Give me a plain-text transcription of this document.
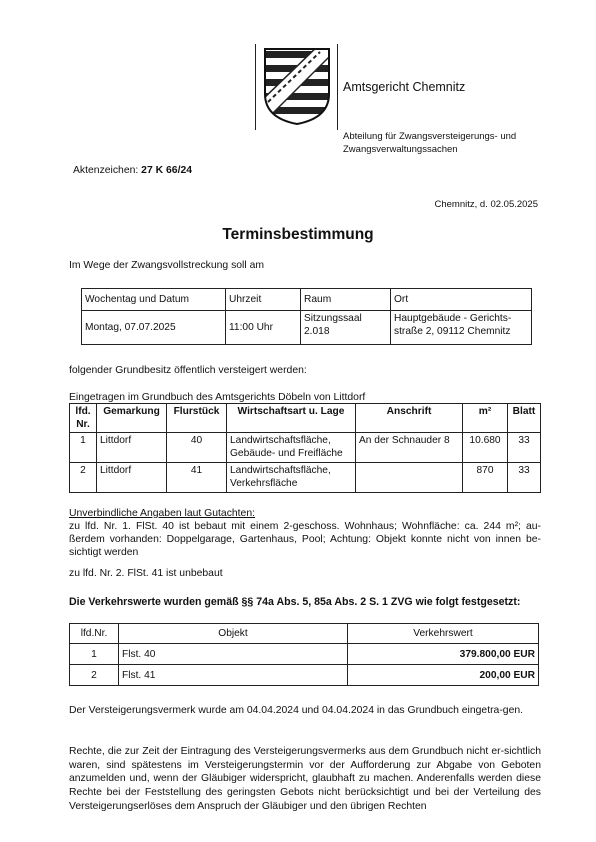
Amtsgericht Chemnitz
Abteilung für Zwangsversteigerungs- und
Zwangsverwaltungssachen
Aktenzeichen: 27 K 66/24
Chemnitz, d. 02.05.2025
Terminsbestimmung
Im Wege der Zwangsvollstreckung soll am
Wochentag und Datum	Uhrzeit	Raum	Ort
Montag, 07.07.2025	11:00 Uhr	Sitzungssaal 2.018	Hauptgebäude - Gerichts-straße 2, 09112 Chemnitz
folgender Grundbesitz öffentlich versteigert werden:
Eingetragen im Grundbuch des Amtsgerichts Döbeln von Littdorf
lfd. Nr.	Gemarkung	Flurstück	Wirtschaftsart u. Lage	Anschrift	m²	Blatt
1	Littdorf	40	Landwirtschaftsfläche, Gebäude- und Freifläche	An der Schnauder 8	10.680	33
2	Littdorf	41	Landwirtschaftsfläche, Verkehrsfläche		870	33
Unverbindliche Angaben laut Gutachten:
zu lfd. Nr. 1. FlSt. 40 ist bebaut mit einem 2-geschoss. Wohnhaus; Wohnfläche: ca. 244 m²; au-ßerdem vorhanden: Doppelgarage, Gartenhaus, Pool; Achtung: Objekt konnte nicht von innen be-sichtigt werden
zu lfd. Nr. 2. FlSt. 41 ist unbebaut
Die Verkehrswerte wurden gemäß §§ 74a Abs. 5, 85a Abs. 2 S. 1 ZVG wie folgt festgesetzt:
lfd.Nr.	Objekt	Verkehrswert
1	Flst. 40	379.800,00 EUR
2	Flst. 41	200,00 EUR
Der Versteigerungsvermerk wurde am 04.04.2024 und 04.04.2024 in das Grundbuch eingetra-gen.
Rechte, die zur Zeit der Eintragung des Versteigerungsvermerks aus dem Grundbuch nicht er-sichtlich waren, sind spätestens im Versteigerungstermin vor der Aufforderung zur Abgabe von Geboten anzumelden und, wenn der Gläubiger widerspricht, glaubhaft zu machen. Anderenfalls werden diese Rechte bei der Feststellung des geringsten Gebots nicht berücksichtigt und bei der Verteilung des Versteigerungserlöses dem Anspruch der Gläubiger und den übrigen Rechten
